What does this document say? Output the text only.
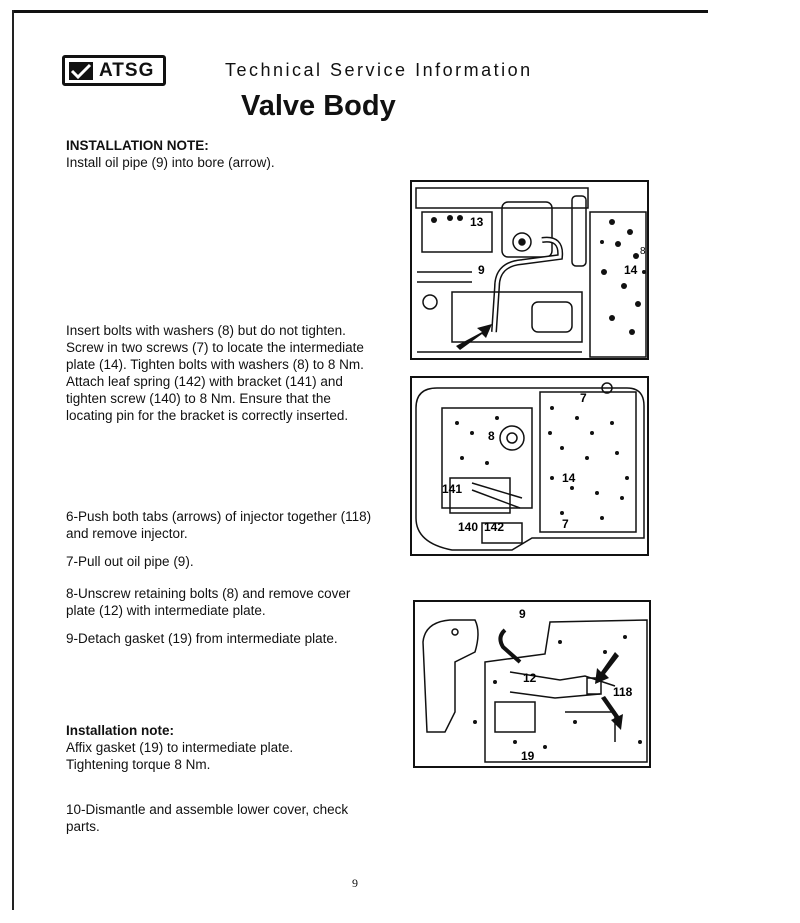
ATSG	Technical Service Information
Valve Body
INSTALLATION NOTE:
Install oil pipe (9) into bore (arrow).
Insert bolts with washers (8) but do not tighten.
Screw in two screws (7) to locate the intermediate
plate (14). Tighten bolts with washers (8) to 8 Nm.
Attach leaf spring (142) with bracket (141) and
tighten screw (140) to 8 Nm. Ensure that the
locating pin for the bracket is correctly inserted.
6-Push both tabs (arrows) of injector together (118)
and remove injector.
7-Pull out oil pipe (9).
8-Unscrew retaining bolts (8) and remove cover
plate (12) with intermediate plate.
9-Detach gasket (19) from intermediate plate.
Installation note:
Affix gasket (19) to intermediate plate.
Tightening torque 8 Nm.
10-Dismantle and assemble lower cover, check
parts.
13
9	14
8
7
8
14
141
140 142	7
9
12
118
19
9
